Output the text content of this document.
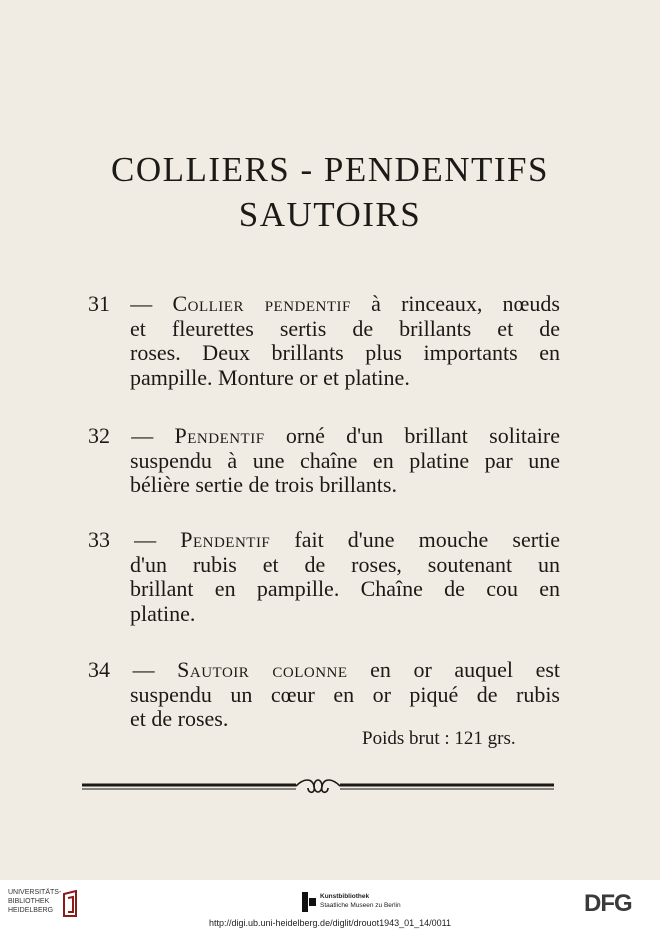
COLLIERS - PENDENTIFS
SAUTOIRS
31 — Collier pendentif à rinceaux, nœuds
et fleurettes sertis de brillants et de
roses. Deux brillants plus importants en
pampille. Monture or et platine.
32 — Pendentif orné d'un brillant solitaire
suspendu à une chaîne en platine par une
bélière sertie de trois brillants.
33 — Pendentif fait d'une mouche sertie
d'un rubis et de roses, soutenant un
brillant en pampille. Chaîne de cou en
platine.
34 — Sautoir colonne en or auquel est
suspendu un cœur en or piqué de rubis
et de roses.
Poids brut : 121 grs.
UNIVERSITÄTS-
BIBLIOTHEK
HEIDELBERG
Kunstbibliothek
Staatliche Museen zu Berlin	DFG
http://digi.ub.uni-heidelberg.de/diglit/drouot1943_01_14/0011
